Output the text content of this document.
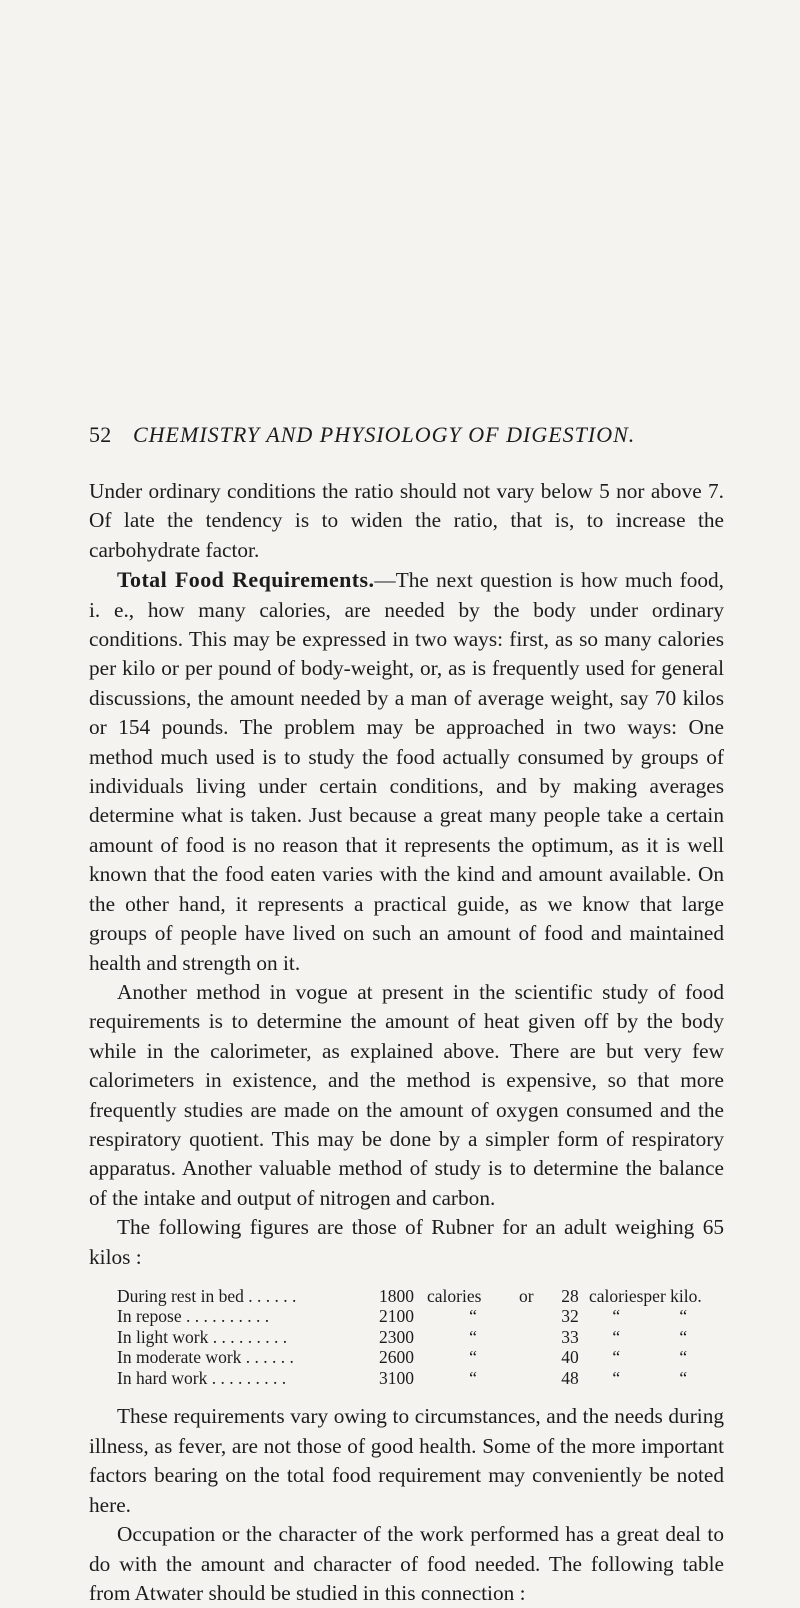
52 CHEMISTRY AND PHYSIOLOGY OF DIGESTION.

Under ordinary conditions the ratio should not vary below 5 nor above 7. Of late the tendency is to widen the ratio, that is, to increase the carbohydrate factor.

Total Food Requirements.—The next question is how much food, i. e., how many calories, are needed by the body under ordinary conditions. This may be expressed in two ways: first, as so many calories per kilo or per pound of body-weight, or, as is frequently used for general discussions, the amount needed by a man of average weight, say 70 kilos or 154 pounds. The problem may be approached in two ways: One method much used is to study the food actually consumed by groups of individuals living under certain conditions, and by making averages determine what is taken. Just because a great many people take a certain amount of food is no reason that it represents the optimum, as it is well known that the food eaten varies with the kind and amount available. On the other hand, it represents a practical guide, as we know that large groups of people have lived on such an amount of food and maintained health and strength on it.

Another method in vogue at present in the scientific study of food requirements is to determine the amount of heat given off by the body while in the calorimeter, as explained above. There are but very few calorimeters in existence, and the method is expensive, so that more frequently studies are made on the amount of oxygen consumed and the respiratory quotient. This may be done by a simpler form of respiratory apparatus. Another valuable method of study is to determine the balance of the intake and output of nitrogen and carbon.

The following figures are those of Rubner for an adult weighing 65 kilos :

During rest in bed . . . . . .	1800	calories	or	28	calories	per kilo.
In repose . . . . . . . . . .	2100	“		32	“	“
In light work . . . . . . . . .	2300	“		33	“	“
In moderate work . . . . . .	2600	“		40	“	“
In hard work . . . . . . . . .	3100	“		48	“	“

These requirements vary owing to circumstances, and the needs during illness, as fever, are not those of good health. Some of the more important factors bearing on the total food requirement may conveniently be noted here.

Occupation or the character of the work performed has a great deal to do with the amount and character of food needed. The following table from Atwater should be studied in this connection :
